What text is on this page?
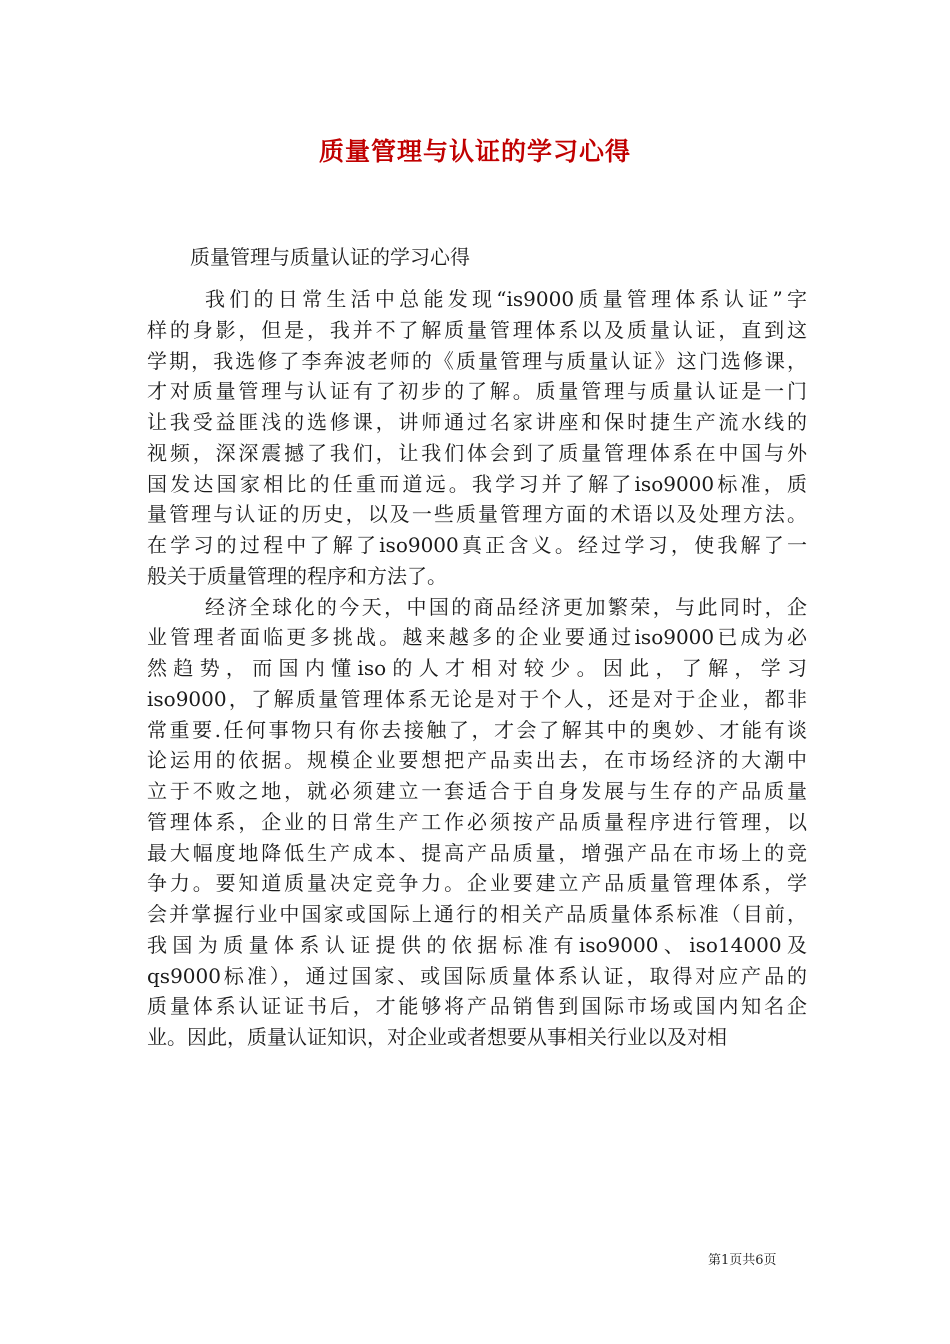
质量管理与认证的学习心得
质量管理与质量认证的学习心得
我们的日常生活中总能发现“is9000质量管理体系认证”字
样的身影，但是，我并不了解质量管理体系以及质量认证，直到这
学期，我选修了李奔波老师的《质量管理与质量认证》这门选修课，
才对质量管理与认证有了初步的了解。质量管理与质量认证是一门
让我受益匪浅的选修课，讲师通过名家讲座和保时捷生产流水线的
视频，深深震撼了我们，让我们体会到了质量管理体系在中国与外
国发达国家相比的任重而道远。我学习并了解了iso9000标准，质
量管理与认证的历史，以及一些质量管理方面的术语以及处理方法。
在学习的过程中了解了iso9000真正含义。经过学习，使我解了一
般关于质量管理的程序和方法了。
经济全球化的今天，中国的商品经济更加繁荣，与此同时，企
业管理者面临更多挑战。越来越多的企业要通过iso9000已成为必
然趋势，而国内懂iso的人才相对较少。因此，了解，学习
iso9000，了解质量管理体系无论是对于个人，还是对于企业，都非
常重要.任何事物只有你去接触了，才会了解其中的奥妙、才能有谈
论运用的依据。规模企业要想把产品卖出去，在市场经济的大潮中
立于不败之地，就必须建立一套适合于自身发展与生存的产品质量
管理体系，企业的日常生产工作必须按产品质量程序进行管理，以
最大幅度地降低生产成本、提高产品质量，增强产品在市场上的竞
争力。要知道质量决定竞争力。企业要建立产品质量管理体系，学
会并掌握行业中国家或国际上通行的相关产品质量体系标准（目前，
我国为质量体系认证提供的依据标准有iso9000、iso14000及
qs9000标准），通过国家、或国际质量体系认证，取得对应产品的
质量体系认证证书后，才能够将产品销售到国际市场或国内知名企
业。因此，质量认证知识，对企业或者想要从事相关行业以及对相
第1页共6页
